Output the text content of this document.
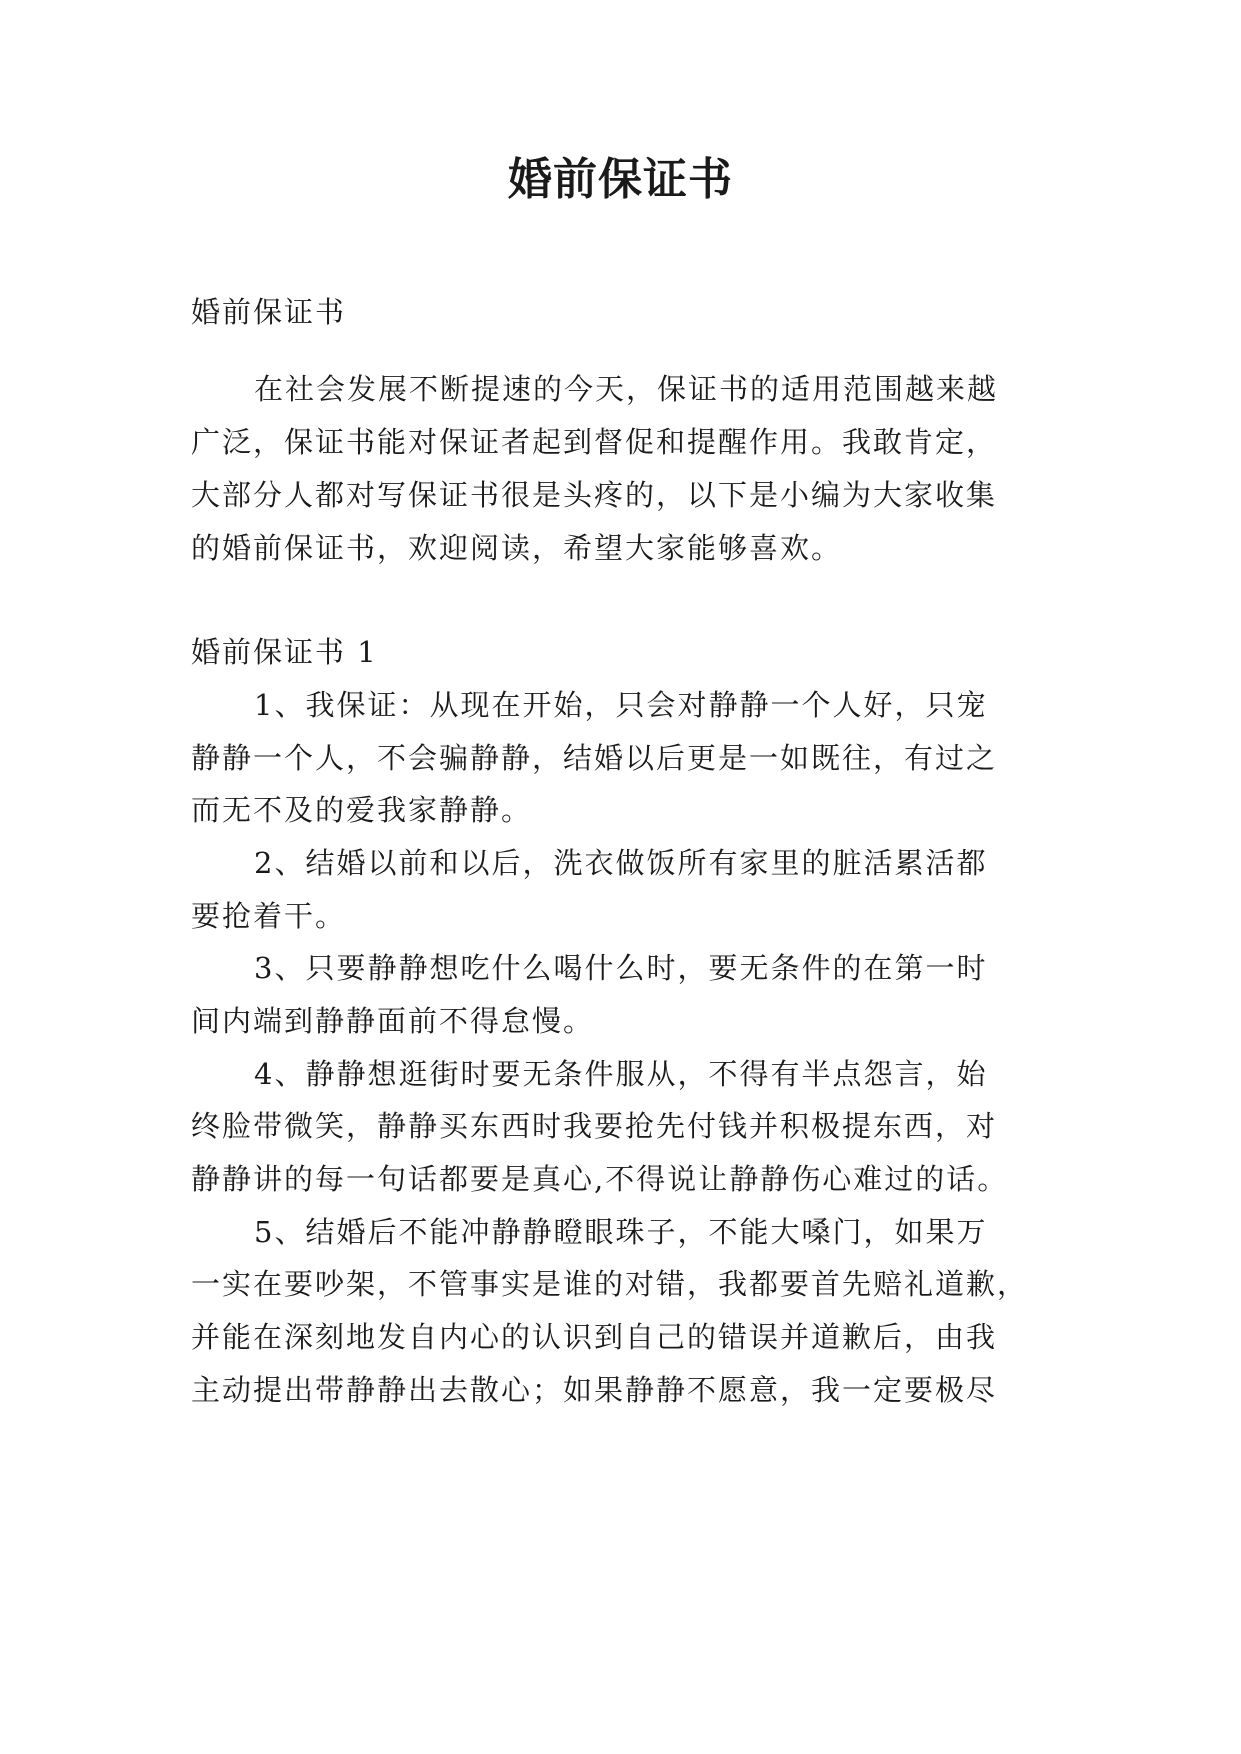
婚前保证书

婚前保证书

在社会发展不断提速的今天，保证书的适用范围越来越

广泛，保证书能对保证者起到督促和提醒作用。我敢肯定，

大部分人都对写保证书很是头疼的，以下是小编为大家收集

的婚前保证书，欢迎阅读，希望大家能够喜欢。

婚前保证书 1

1、我保证：从现在开始，只会对静静一个人好，只宠

静静一个人，不会骗静静，结婚以后更是一如既往，有过之

而无不及的爱我家静静。

2、结婚以前和以后，洗衣做饭所有家里的脏活累活都

要抢着干。

3、只要静静想吃什么喝什么时，要无条件的在第一时

间内端到静静面前不得怠慢。

4、静静想逛街时要无条件服从，不得有半点怨言，始

终脸带微笑，静静买东西时我要抢先付钱并积极提东西，对

静静讲的每一句话都要是真心,不得说让静静伤心难过的话。

5、结婚后不能冲静静瞪眼珠子，不能大嗓门，如果万

一实在要吵架，不管事实是谁的对错，我都要首先赔礼道歉，

并能在深刻地发自内心的认识到自己的错误并道歉后，由我

主动提出带静静出去散心；如果静静不愿意，我一定要极尽
